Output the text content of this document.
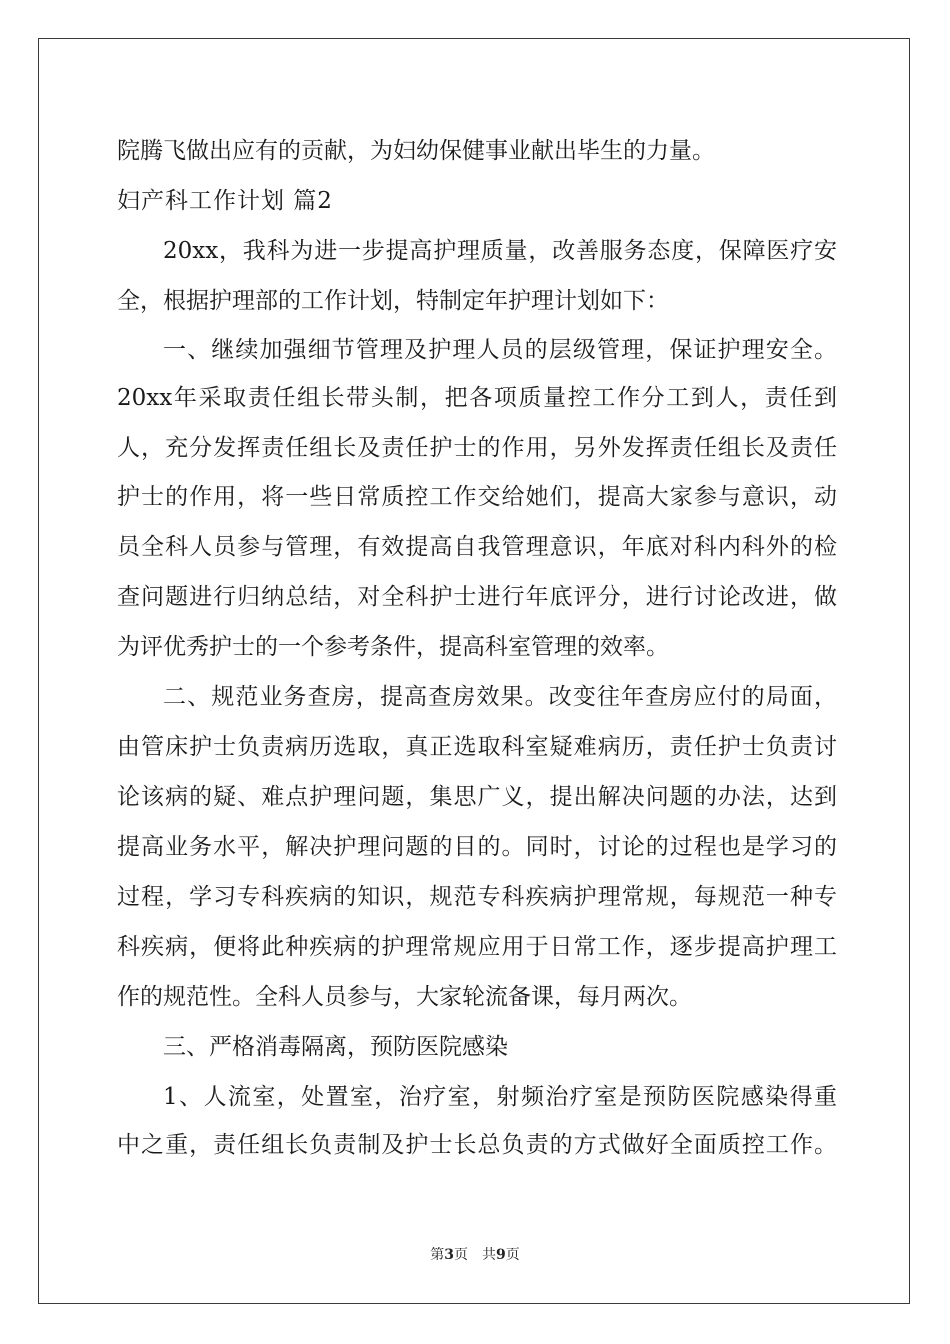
院腾飞做出应有的贡献，为妇幼保健事业献出毕生的力量。
妇产科工作计划 篇2
20xx，我科为进一步提高护理质量，改善服务态度，保障医疗安
全，根据护理部的工作计划，特制定年护理计划如下：
一、继续加强细节管理及护理人员的层级管理，保证护理安全。
20xx年采取责任组长带头制，把各项质量控工作分工到人，责任到
人，充分发挥责任组长及责任护士的作用，另外发挥责任组长及责任
护士的作用，将一些日常质控工作交给她们，提高大家参与意识，动
员全科人员参与管理，有效提高自我管理意识，年底对科内科外的检
查问题进行归纳总结，对全科护士进行年底评分，进行讨论改进，做
为评优秀护士的一个参考条件，提高科室管理的效率。
二、规范业务查房，提高查房效果。改变往年查房应付的局面，
由管床护士负责病历选取，真正选取科室疑难病历，责任护士负责讨
论该病的疑、难点护理问题，集思广义，提出解决问题的办法，达到
提高业务水平，解决护理问题的目的。同时，讨论的过程也是学习的
过程，学习专科疾病的知识，规范专科疾病护理常规，每规范一种专
科疾病，便将此种疾病的护理常规应用于日常工作，逐步提高护理工
作的规范性。全科人员参与，大家轮流备课，每月两次。
三、严格消毒隔离，预防医院感染
1、人流室，处置室，治疗室，射频治疗室是预防医院感染得重
中之重，责任组长负责制及护士长总负责的方式做好全面质控工作。
第3页　共9页
